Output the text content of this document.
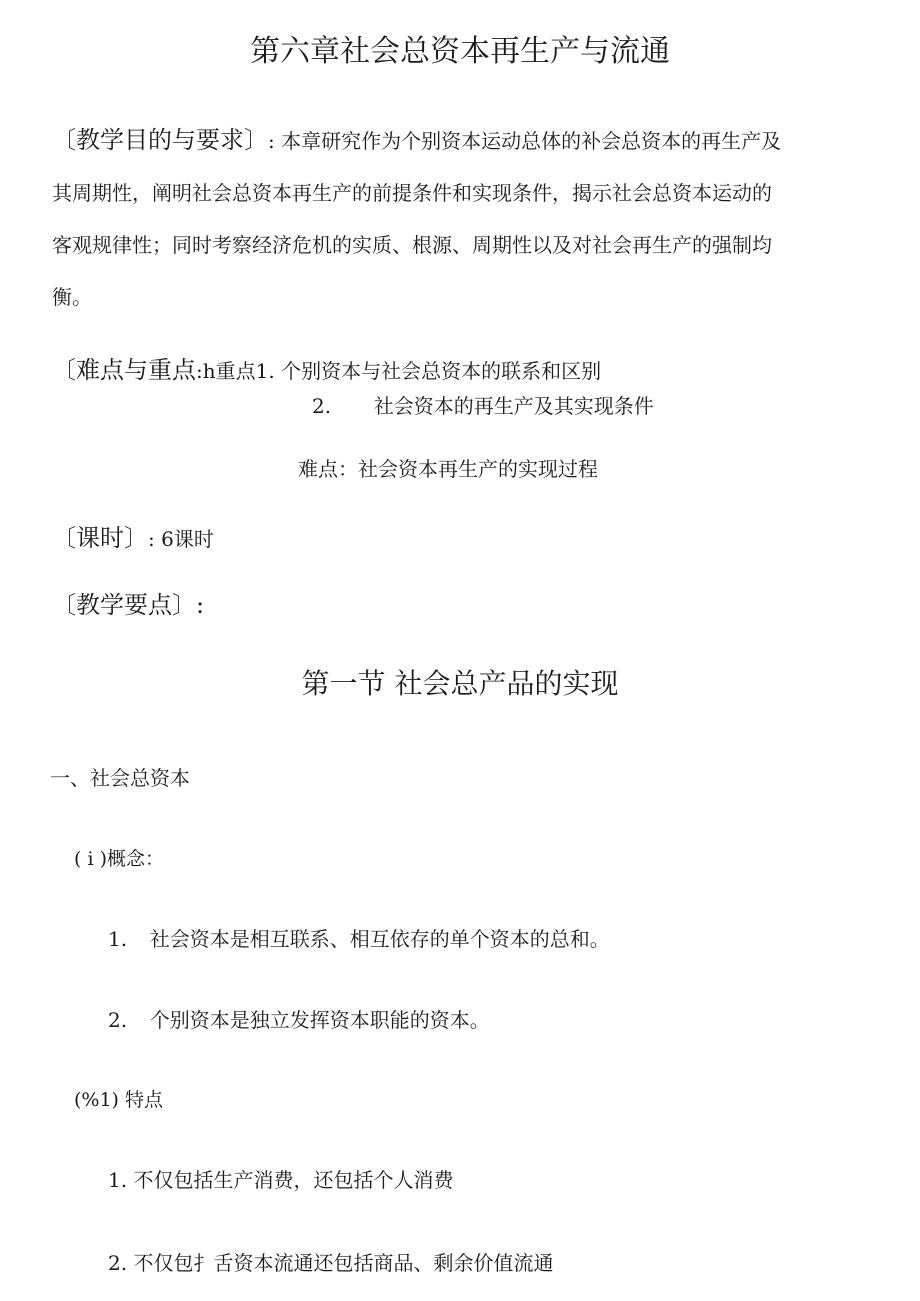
第六章社会总资本再生产与流通
〔教学目的与要求〕: 本章研究作为个别资本运动总体的补会总资本的再生产及
其周期性，阐明社会总资本再生产的前提条件和实现条件，揭示社会总资本运动的
客观规律性；同时考察经济危机的实质、根源、周期性以及对社会再生产的强制均
衡。
〔难点与重点:h重点1. 个别资本与社会总资本的联系和区别
2. 社会资本的再生产及其实现条件
难点：社会资本再生产的实现过程
〔课时〕: 6课时
〔教学要点〕:
第一节 社会总产品的实现
一、社会总资本
( i )概念：
1. 社会资本是相互联系、相互依存的单个资本的总和。
2. 个别资本是独立发挥资本职能的资本。
(%1) 特点
1. 不仅包括生产消费，还包括个人消费
2. 不仅包扌舌资本流通还包括商品、剩余价值流通
